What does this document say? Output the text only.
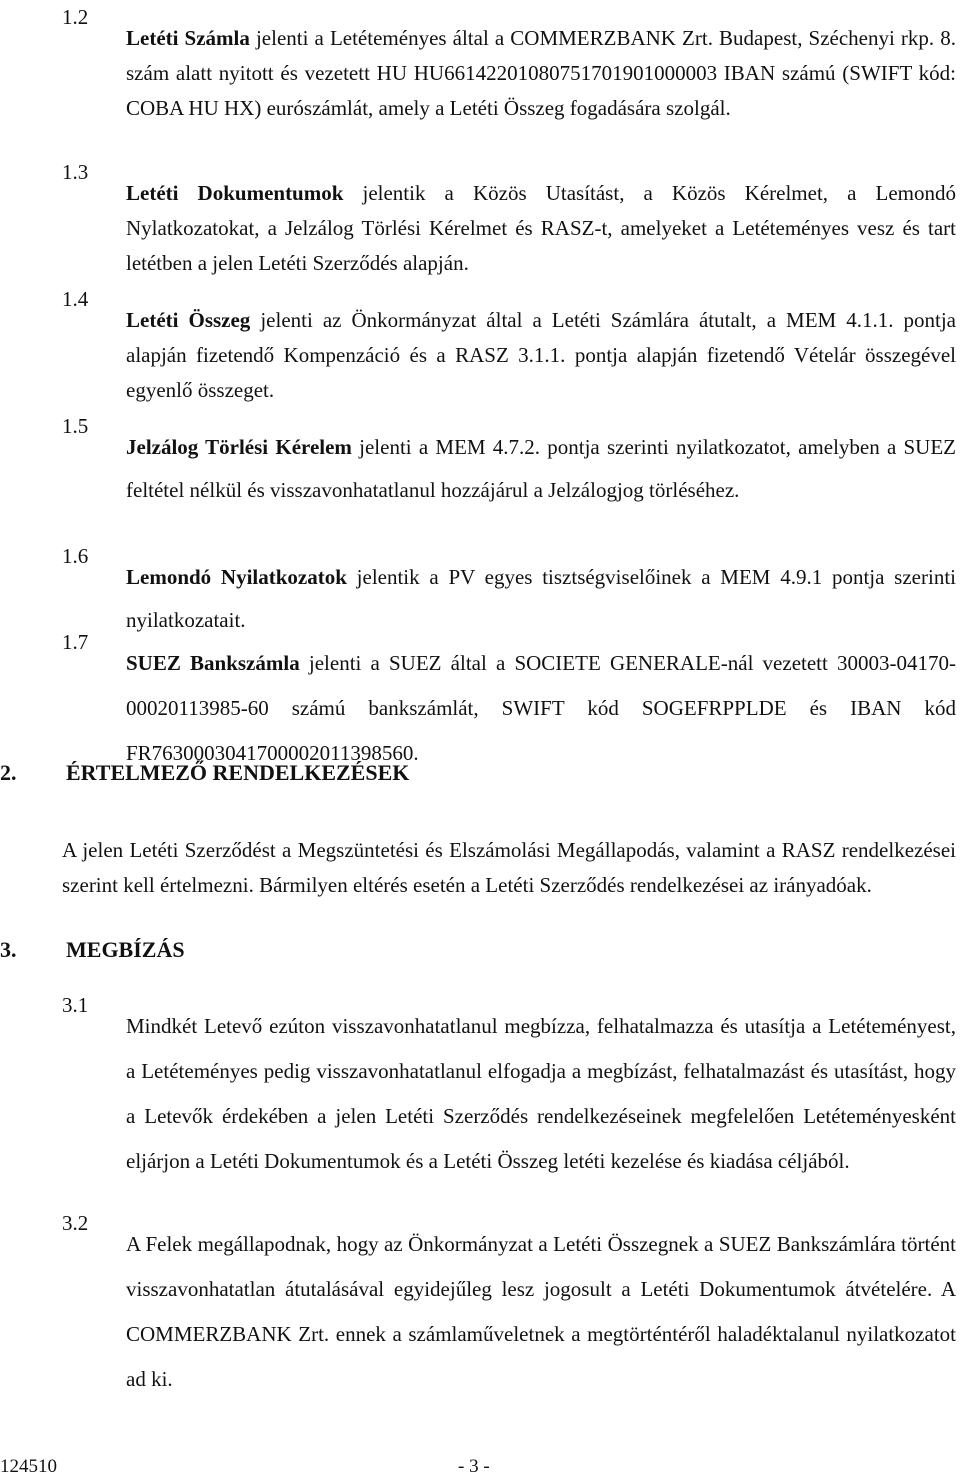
1.2

Letéti Számla jelenti a Letéteményes által a COMMERZBANK Zrt. Budapest, Széchenyi rkp. 8. szám alatt nyitott és vezetett HU HU66142201080751701901000003 IBAN számú (SWIFT kód: COBA HU HX) eurószámlát, amely a Letéti Összeg fogadására szolgál.

1.3

Letéti Dokumentumok jelentik a Közös Utasítást, a Közös Kérelmet, a Lemondó Nylatkozatokat, a Jelzálog Törlési Kérelmet és RASZ-t, amelyeket a Letéteményes vesz és tart letétben a jelen Letéti Szerződés alapján.

1.4

Letéti Összeg jelenti az Önkormányzat által a Letéti Számlára átutalt, a MEM 4.1.1. pontja alapján fizetendő Kompenzáció és a RASZ 3.1.1. pontja alapján fizetendő Vételár összegével egyenlő összeget.

1.5

Jelzálog Törlési Kérelem jelenti a MEM 4.7.2. pontja szerinti nyilatkozatot, amelyben a SUEZ feltétel nélkül és visszavonhatatlanul hozzájárul a Jelzálogjog törléséhez.

1.6

Lemondó Nyilatkozatok jelentik a PV egyes tisztségviselőinek a MEM 4.9.1 pontja szerinti nyilatkozatait.

1.7

SUEZ Bankszámla jelenti a SUEZ által a SOCIETE GENERALE-nál vezetett 30003-04170-00020113985-60 számú bankszámlát, SWIFT kód SOGEFRPPLDE és IBAN kód FR7630003041700002011398560.

2. ÉRTELMEZŐ RENDELKEZÉSEK

A jelen Letéti Szerződést a Megszüntetési és Elszámolási Megállapodás, valamint a RASZ rendelkezései szerint kell értelmezni. Bármilyen eltérés esetén a Letéti Szerződés rendelkezései az irányadóak.

3. MEGBÍZÁS
3.1

Mindkét Letevő ezúton visszavonhatatlanul megbízza, felhatalmazza és utasítja a Letéteményest, a Letéteményes pedig visszavonhatatlanul elfogadja a megbízást, felhatalmazást és utasítást, hogy a Letevők érdekében a jelen Letéti Szerződés rendelkezéseinek megfelelően Letéteményesként eljárjon a Letéti Dokumentumok és a Letéti Összeg letéti kezelése és kiadása céljából.

3.2

A Felek megállapodnak, hogy az Önkormányzat a Letéti Összegnek a SUEZ Bankszámlára történt visszavonhatatlan átutalásával egyidejűleg lesz jogosult a Letéti Dokumentumok átvételére. A COMMERZBANK Zrt. ennek a számlaműveletnek a megtörténtéről haladéktalanul nyilatkozatot ad ki.

124510	- 3 -
